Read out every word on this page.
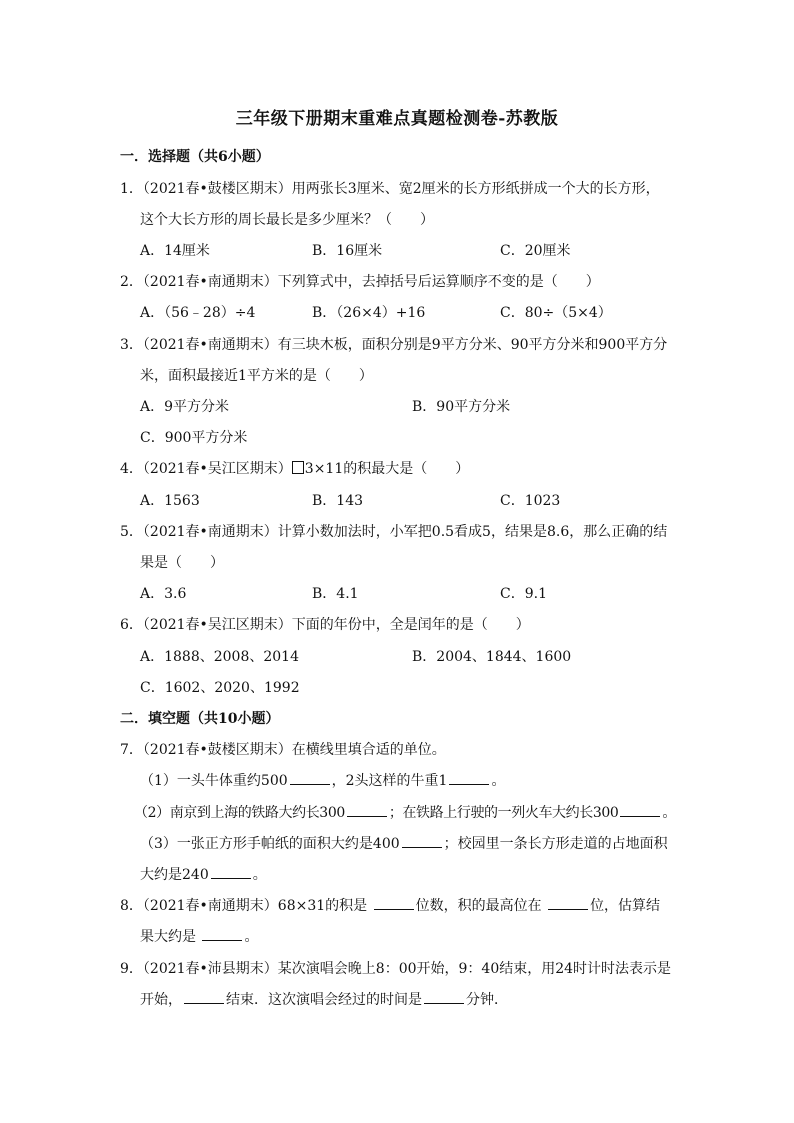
三年级下册期末重难点真题检测卷-苏教版
一．选择题（共6小题）
1．（2021春•鼓楼区期末）用两张长3厘米、宽2厘米的长方形纸拼成一个大的长方形，
这个大长方形的周长最长是多少厘米？（　　）
A．14厘米	B．16厘米	C．20厘米
2．（2021春•南通期末）下列算式中，去掉括号后运算顺序不变的是（　　）
A．（56﹣28）÷4	B．（26×4）+16	C．80÷（5×4）
3．（2021春•南通期末）有三块木板，面积分别是9平方分米、90平方分米和900平方分
米，面积最接近1平方米的是（　　）
A．9平方分米	B．90平方分米
C．900平方分米
4．（2021春•吴江区期末） 3×11的积最大是（　　）
A．1563	B．143	C．1023
5．（2021春•南通期末）计算小数加法时，小军把0.5看成5，结果是8.6，那么正确的结
果是（　　）
A．3.6	B．4.1	C．9.1
6．（2021春•吴江区期末）下面的年份中，全是闰年的是（　　）
A．1888、2008、2014	B．2004、1844、1600
C．1602、2020、1992
二．填空题（共10小题）
7．（2021春•鼓楼区期末）在横线里填合适的单位。
（1）一头牛体重约500	，2头这样的牛重1	。
（2）南京到上海的铁路大约长300	；在铁路上行驶的一列火车大约长300	。
（3）一张正方形手帕纸的面积大约是400	；校园里一条长方形走道的占地面积
大约是240	。
8．（2021春•南通期末）68×31的积是	位数，积的最高位在	位，估算结
果大约是	。
9．（2021春•沛县期末）某次演唱会晚上8：00开始，9：40结束，用24时计时法表示是
开始，	结束．这次演唱会经过的时间是	分钟．
